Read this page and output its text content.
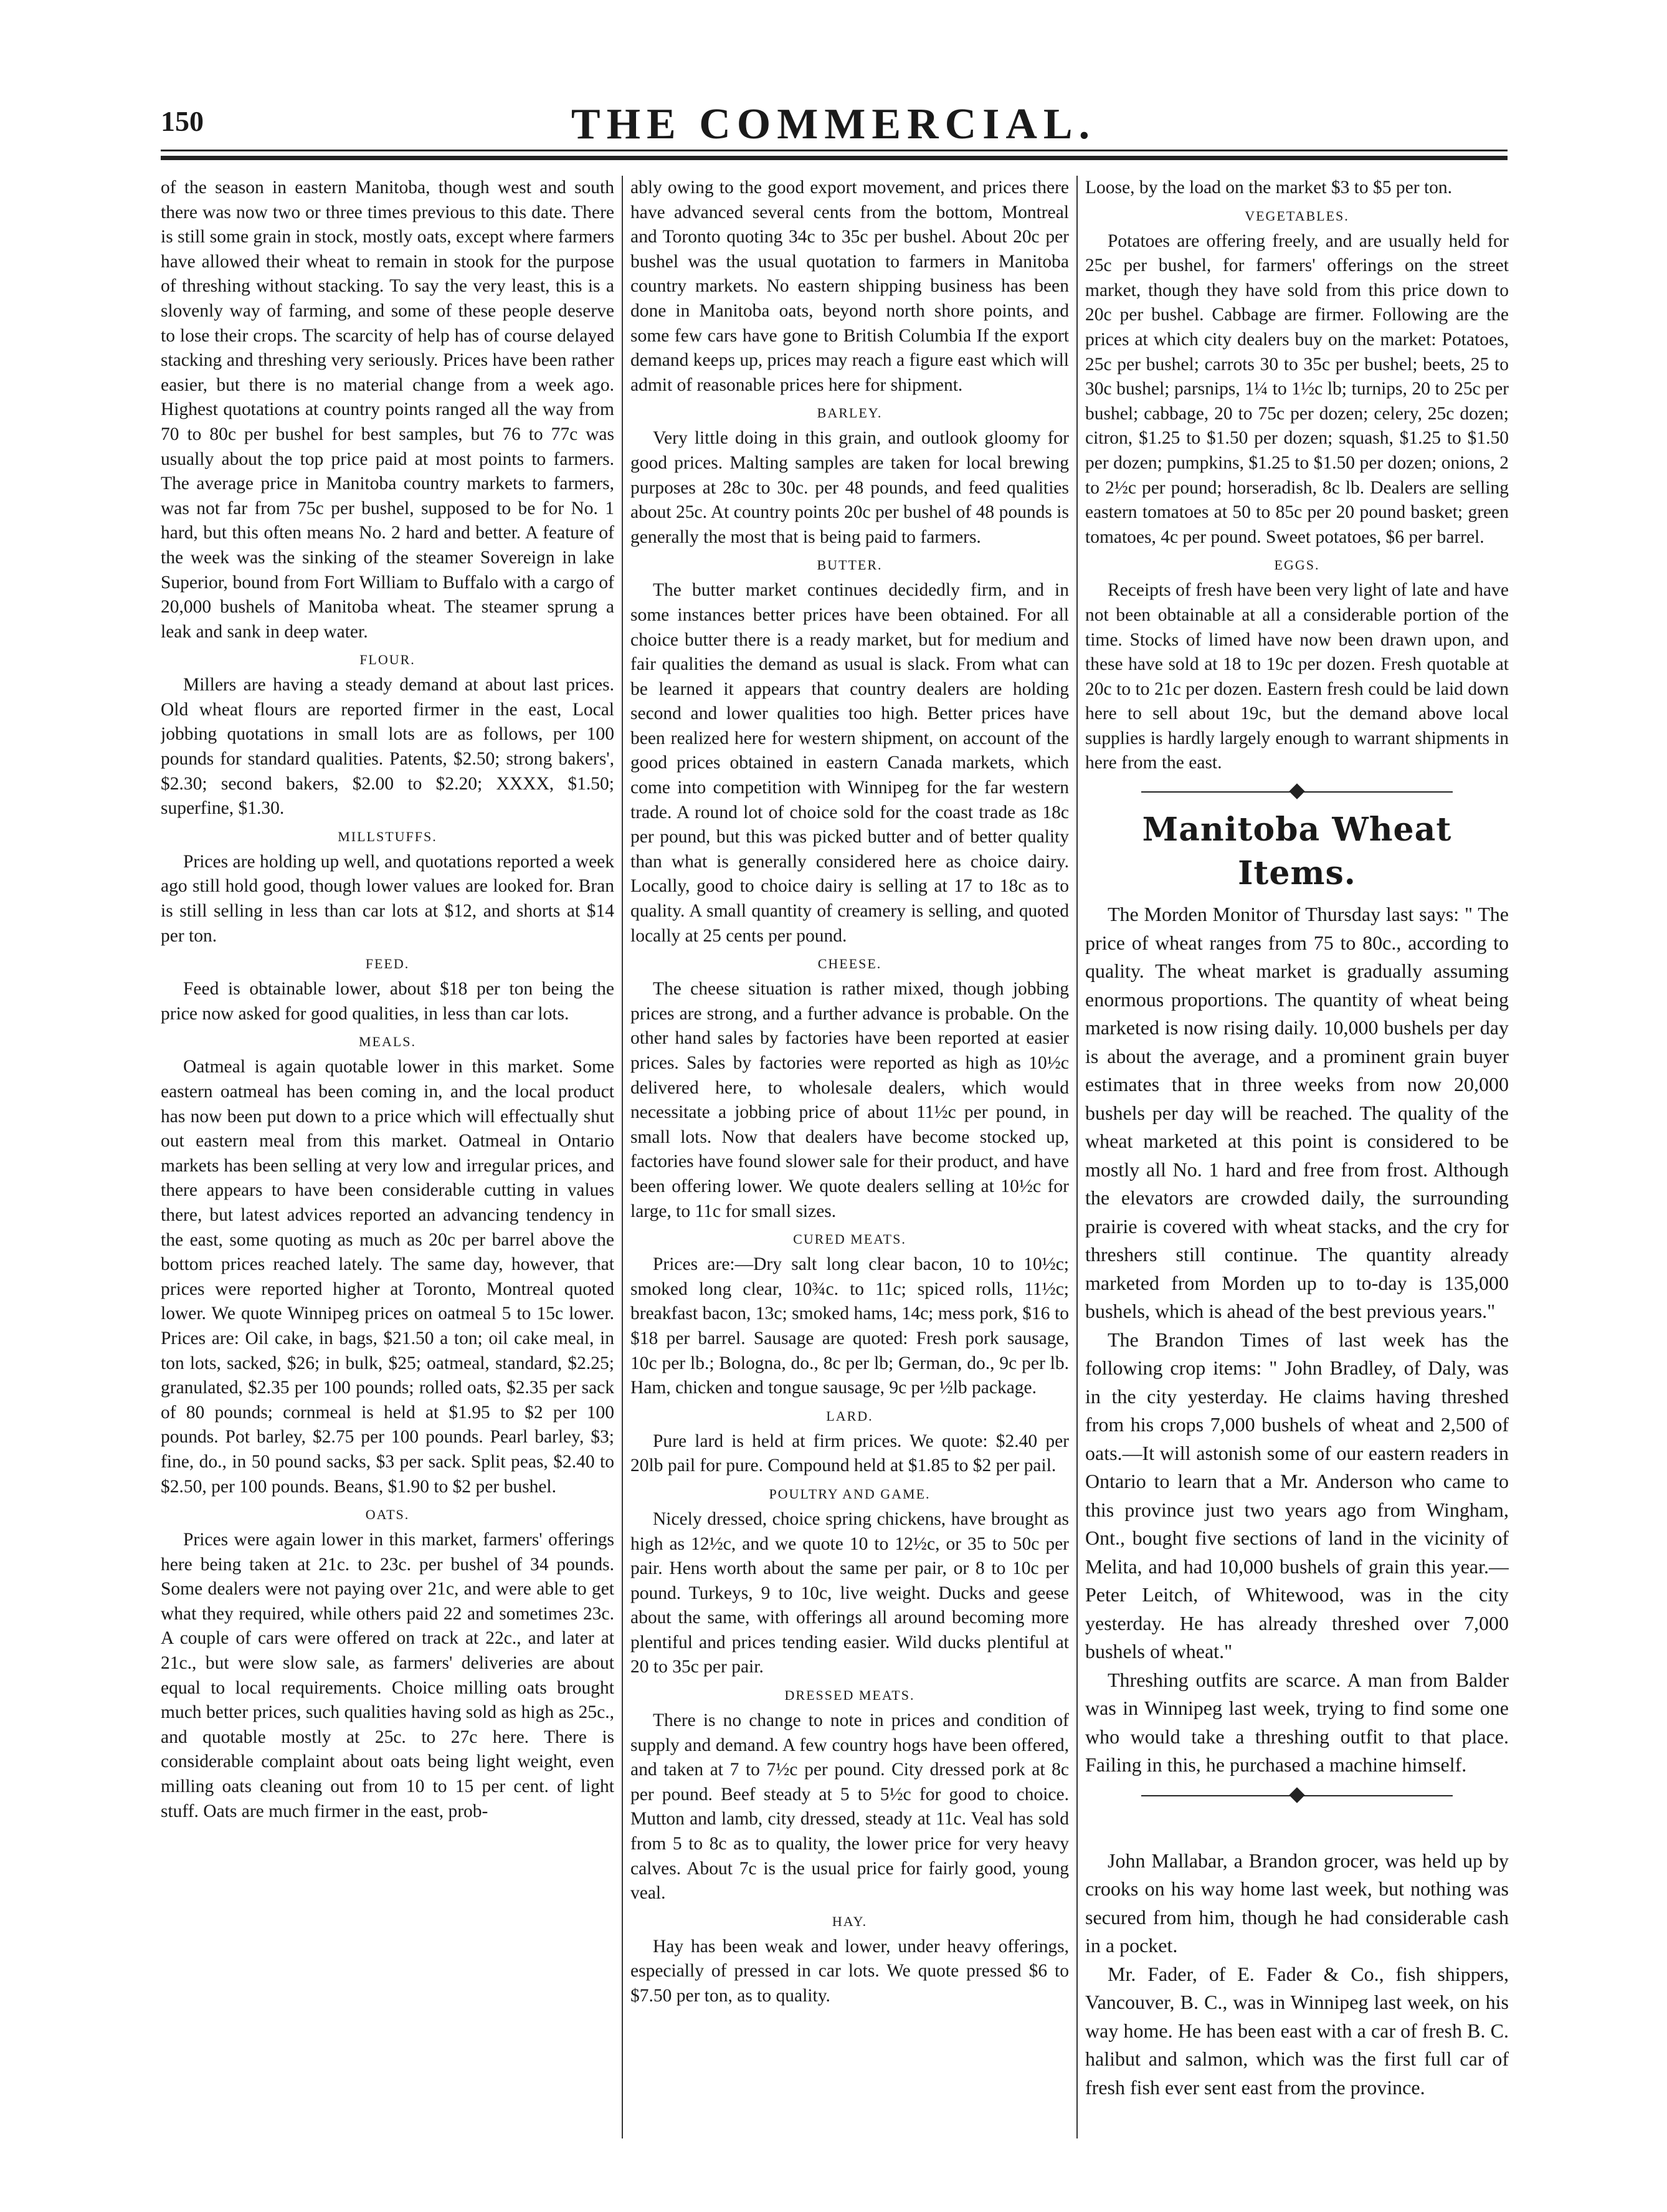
150	THE COMMERCIAL.

of the season in eastern Manitoba, though west and south there was now two or three times previous to this date. There is still some grain in stock, mostly oats, except where farmers have allowed their wheat to remain in stook for the purpose of threshing without stacking. To say the very least, this is a slovenly way of farming, and some of these people deserve to lose their crops. The scarcity of help has of course delayed stacking and threshing very seriously. Prices have been rather easier, but there is no material change from a week ago. Highest quotations at country points ranged all the way from 70 to 80c per bushel for best samples, but 76 to 77c was usually about the top price paid at most points to farmers. The average price in Manitoba country markets to farmers, was not far from 75c per bushel, supposed to be for No. 1 hard, but this often means No. 2 hard and better. A feature of the week was the sinking of the steamer Sovereign in lake Superior, bound from Fort William to Buffalo with a cargo of 20,000 bushels of Manitoba wheat. The steamer sprung a leak and sank in deep water.

FLOUR.

Millers are having a steady demand at about last prices. Old wheat flours are reported firmer in the east, Local jobbing quotations in small lots are as follows, per 100 pounds for standard qualities. Patents, $2.50; strong bakers', $2.30; second bakers, $2.00 to $2.20; XXXX, $1.50; superfine, $1.30.

MILLSTUFFS.

Prices are holding up well, and quotations reported a week ago still hold good, though lower values are looked for. Bran is still selling in less than car lots at $12, and shorts at $14 per ton.

FEED.

Feed is obtainable lower, about $18 per ton being the price now asked for good qualities, in less than car lots.

MEALS.

Oatmeal is again quotable lower in this market. Some eastern oatmeal has been coming in, and the local product has now been put down to a price which will effectually shut out eastern meal from this market. Oatmeal in Ontario markets has been selling at very low and irregular prices, and there appears to have been considerable cutting in values there, but latest advices reported an advancing tendency in the east, some quoting as much as 20c per barrel above the bottom prices reached lately. The same day, however, that prices were reported higher at Toronto, Montreal quoted lower. We quote Winnipeg prices on oatmeal 5 to 15c lower. Prices are: Oil cake, in bags, $21.50 a ton; oil cake meal, in ton lots, sacked, $26; in bulk, $25; oatmeal, standard, $2.25; granulated, $2.35 per 100 pounds; rolled oats, $2.35 per sack of 80 pounds; cornmeal is held at $1.95 to $2 per 100 pounds. Pot barley, $2.75 per 100 pounds. Pearl barley, $3; fine, do., in 50 pound sacks, $3 per sack. Split peas, $2.40 to $2.50, per 100 pounds. Beans, $1.90 to $2 per bushel.

OATS.

Prices were again lower in this market, farmers' offerings here being taken at 21c. to 23c. per bushel of 34 pounds. Some dealers were not paying over 21c, and were able to get what they required, while others paid 22 and sometimes 23c. A couple of cars were offered on track at 22c., and later at 21c., but were slow sale, as farmers' deliveries are about equal to local requirements. Choice milling oats brought much better prices, such qualities having sold as high as 25c., and quotable mostly at 25c. to 27c here. There is considerable complaint about oats being light weight, even milling oats cleaning out from 10 to 15 per cent. of light stuff. Oats are much firmer in the east, prob-

ably owing to the good export movement, and prices there have advanced several cents from the bottom, Montreal and Toronto quoting 34c to 35c per bushel. About 20c per bushel was the usual quotation to farmers in Manitoba country markets. No eastern shipping business has been done in Manitoba oats, beyond north shore points, and some few cars have gone to British Columbia If the export demand keeps up, prices may reach a figure east which will admit of reasonable prices here for shipment.

BARLEY.

Very little doing in this grain, and outlook gloomy for good prices. Malting samples are taken for local brewing purposes at 28c to 30c. per 48 pounds, and feed qualities about 25c. At country points 20c per bushel of 48 pounds is generally the most that is being paid to farmers.

BUTTER.

The butter market continues decidedly firm, and in some instances better prices have been obtained. For all choice butter there is a ready market, but for medium and fair qualities the demand as usual is slack. From what can be learned it appears that country dealers are holding second and lower qualities too high. Better prices have been realized here for western shipment, on account of the good prices obtained in eastern Canada markets, which come into competition with Winnipeg for the far western trade. A round lot of choice sold for the coast trade as 18c per pound, but this was picked butter and of better quality than what is generally considered here as choice dairy. Locally, good to choice dairy is selling at 17 to 18c as to quality. A small quantity of creamery is selling, and quoted locally at 25 cents per pound.

CHEESE.

The cheese situation is rather mixed, though jobbing prices are strong, and a further advance is probable. On the other hand sales by factories have been reported at easier prices. Sales by factories were reported as high as 10½c delivered here, to wholesale dealers, which would necessitate a jobbing price of about 11½c per pound, in small lots. Now that dealers have become stocked up, factories have found slower sale for their product, and have been offering lower. We quote dealers selling at 10½c for large, to 11c for small sizes.

CURED MEATS.

Prices are:—Dry salt long clear bacon, 10 to 10½c; smoked long clear, 10¾c. to 11c; spiced rolls, 11½c; breakfast bacon, 13c; smoked hams, 14c; mess pork, $16 to $18 per barrel. Sausage are quoted: Fresh pork sausage, 10c per lb.; Bologna, do., 8c per lb; German, do., 9c per lb. Ham, chicken and tongue sausage, 9c per ½lb package.

LARD.

Pure lard is held at firm prices. We quote: $2.40 per 20lb pail for pure. Compound held at $1.85 to $2 per pail.

POULTRY AND GAME.

Nicely dressed, choice spring chickens, have brought as high as 12½c, and we quote 10 to 12½c, or 35 to 50c per pair. Hens worth about the same per pair, or 8 to 10c per pound. Turkeys, 9 to 10c, live weight. Ducks and geese about the same, with offerings all around becoming more plentiful and prices tending easier. Wild ducks plentiful at 20 to 35c per pair.

DRESSED MEATS.

There is no change to note in prices and condition of supply and demand. A few country hogs have been offered, and taken at 7 to 7½c per pound. City dressed pork at 8c per pound. Beef steady at 5 to 5½c for good to choice. Mutton and lamb, city dressed, steady at 11c. Veal has sold from 5 to 8c as to quality, the lower price for very heavy calves. About 7c is the usual price for fairly good, young veal.

HAY.

Hay has been weak and lower, under heavy offerings, especially of pressed in car lots. We quote pressed $6 to $7.50 per ton, as to quality.

Loose, by the load on the market $3 to $5 per ton.

VEGETABLES.

Potatoes are offering freely, and are usually held for 25c per bushel, for farmers' offerings on the street market, though they have sold from this price down to 20c per bushel. Cabbage are firmer. Following are the prices at which city dealers buy on the market: Potatoes, 25c per bushel; carrots 30 to 35c per bushel; beets, 25 to 30c bushel; parsnips, 1¼ to 1½c lb; turnips, 20 to 25c per bushel; cabbage, 20 to 75c per dozen; celery, 25c dozen; citron, $1.25 to $1.50 per dozen; squash, $1.25 to $1.50 per dozen; pumpkins, $1.25 to $1.50 per dozen; onions, 2 to 2½c per pound; horseradish, 8c lb. Dealers are selling eastern tomatoes at 50 to 85c per 20 pound basket; green tomatoes, 4c per pound. Sweet potatoes, $6 per barrel.

EGGS.

Receipts of fresh have been very light of late and have not been obtainable at all a considerable portion of the time. Stocks of limed have now been drawn upon, and these have sold at 18 to 19c per dozen. Fresh quotable at 20c to to 21c per dozen. Eastern fresh could be laid down here to sell about 19c, but the demand above local supplies is hardly largely enough to warrant shipments in here from the east.

Manitoba Wheat Items.

The Morden Monitor of Thursday last says: " The price of wheat ranges from 75 to 80c., according to quality. The wheat market is gradually assuming enormous proportions. The quantity of wheat being marketed is now rising daily. 10,000 bushels per day is about the average, and a prominent grain buyer estimates that in three weeks from now 20,000 bushels per day will be reached. The quality of the wheat marketed at this point is considered to be mostly all No. 1 hard and free from frost. Although the elevators are crowded daily, the surrounding prairie is covered with wheat stacks, and the cry for threshers still continue. The quantity already marketed from Morden up to to-day is 135,000 bushels, which is ahead of the best previous years."

The Brandon Times of last week has the following crop items: " John Bradley, of Daly, was in the city yesterday. He claims having threshed from his crops 7,000 bushels of wheat and 2,500 of oats.—It will astonish some of our eastern readers in Ontario to learn that a Mr. Anderson who came to this province just two years ago from Wingham, Ont., bought five sections of land in the vicinity of Melita, and had 10,000 bushels of grain this year.—Peter Leitch, of Whitewood, was in the city yesterday. He has already threshed over 7,000 bushels of wheat."

Threshing outfits are scarce. A man from Balder was in Winnipeg last week, trying to find some one who would take a threshing outfit to that place. Failing in this, he purchased a machine himself.

John Mallabar, a Brandon grocer, was held up by crooks on his way home last week, but nothing was secured from him, though he had considerable cash in a pocket.

Mr. Fader, of E. Fader & Co., fish shippers, Vancouver, B. C., was in Winnipeg last week, on his way home. He has been east with a car of fresh B. C. halibut and salmon, which was the first full car of fresh fish ever sent east from the province.
